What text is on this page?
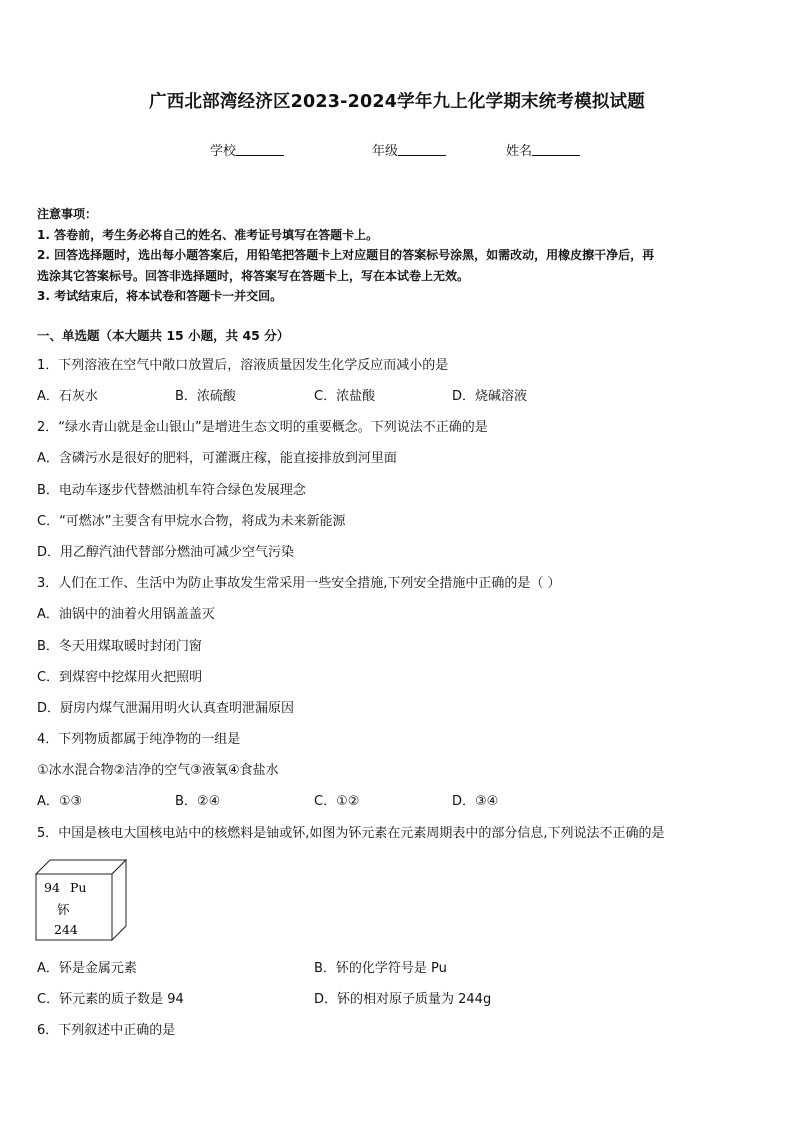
广西北部湾经济区2023-2024学年九上化学期末统考模拟试题
学校	年级	姓名

注意事项：

1. 答卷前，考生务必将自己的姓名、准考证号填写在答题卡上。

2. 回答选择题时，选出每小题答案后，用铅笔把答题卡上对应题目的答案标号涂黑，如需改动，用橡皮擦干净后，再

选涂其它答案标号。回答非选择题时，将答案写在答题卡上，写在本试卷上无效。

3. 考试结束后，将本试卷和答题卡一并交回。

一、单选题（本大题共 15 小题，共 45 分）
1．下列溶液在空气中敞口放置后，溶液质量因发生化学反应而减小的是
A．石灰水	B．浓硫酸	C．浓盐酸	D．烧碱溶液
2．“绿水青山就是金山银山”是增进生态文明的重要概念。下列说法不正确的是
A．含磷污水是很好的肥料，可灌溉庄稼，能直接排放到河里面
B．电动车逐步代替燃油机车符合绿色发展理念
C．“可燃冰”主要含有甲烷水合物，将成为未来新能源
D．用乙醇汽油代替部分燃油可减少空气污染
3．人们在工作、生活中为防止事故发生常采用一些安全措施,下列安全措施中正确的是（ ）
A．油锅中的油着火用锅盖盖灭
B．冬天用煤取暖时封闭门窗
C．到煤窖中挖煤用火把照明
D．厨房内煤气泄漏用明火认真查明泄漏原因
4．下列物质都属于纯净物的一组是
①冰水混合物②洁净的空气③液氧④食盐水
A．①③	B．②④	C．①②	D．③④
5．中国是核电大国核电站中的核燃料是铀或钚,如图为钚元素在元素周期表中的部分信息,下列说法不正确的是
94 Pu
钚
244
A．钚是金属元素	B．钚的化学符号是 Pu
C．钚元素的质子数是 94	D．钚的相对原子质量为 244g
6．下列叙述中正确的是
